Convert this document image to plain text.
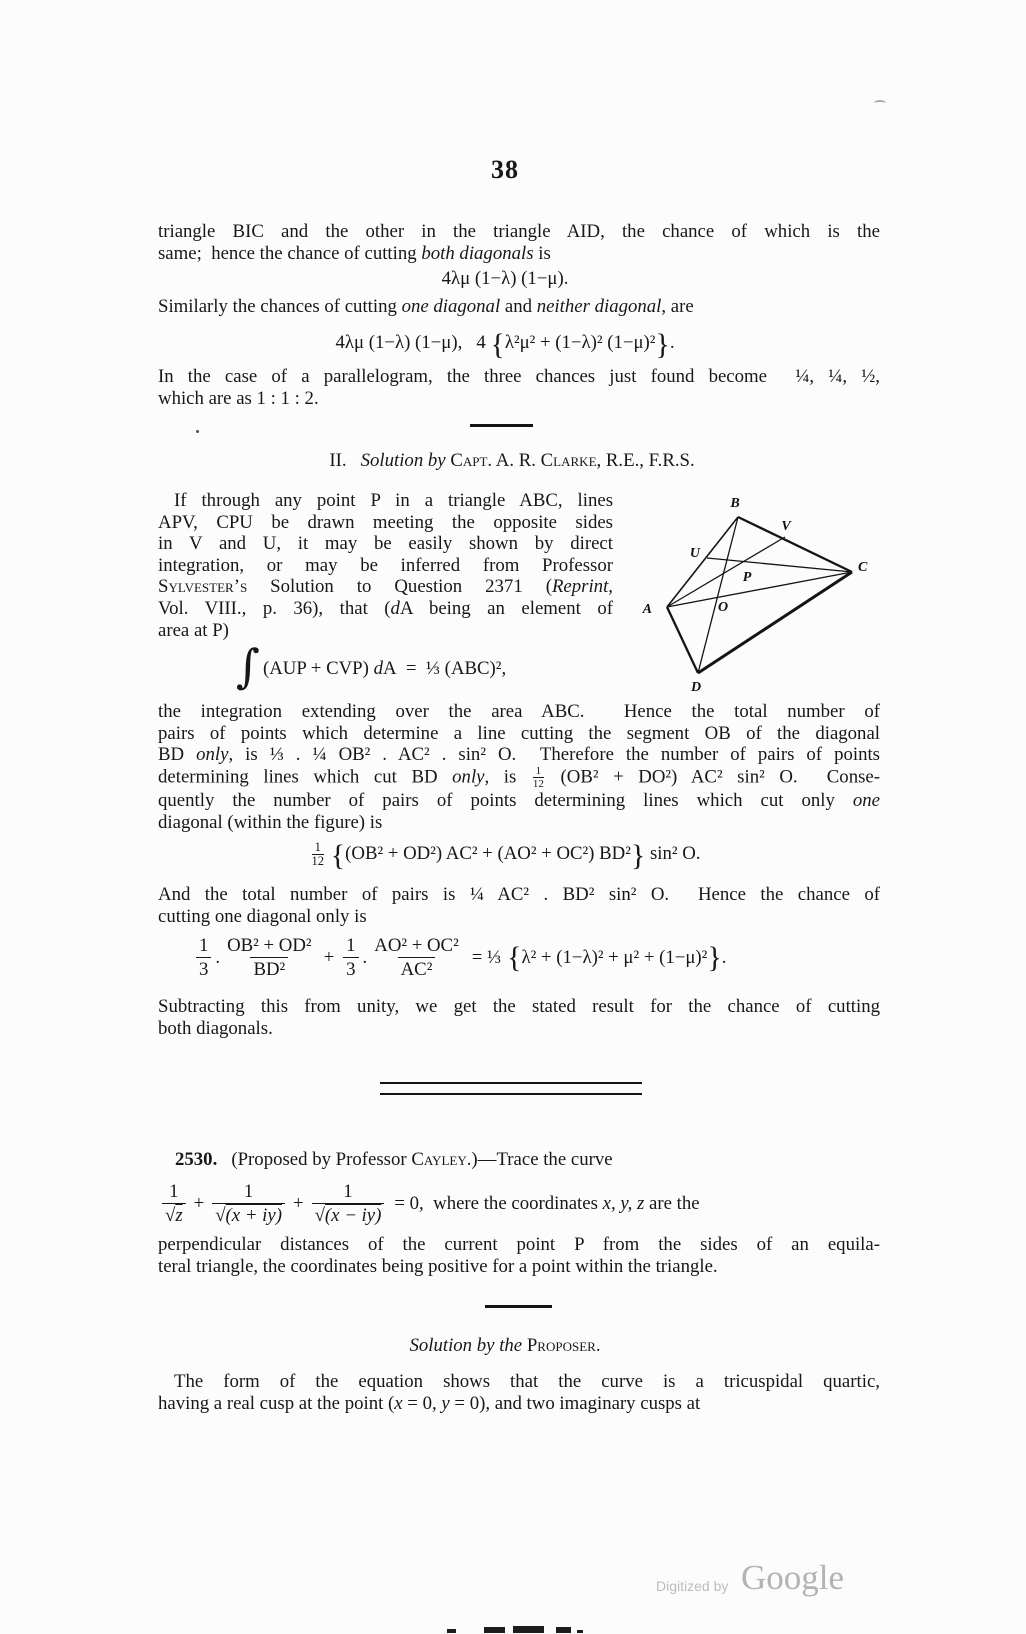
38
triangle BIC and the other in the triangle AID, the chance of which is the
same;  hence the chance of cutting both diagonals is
4λμ (1−λ) (1−μ).
Similarly the chances of cutting one diagonal and neither diagonal, are
4λμ (1−λ) (1−μ),   4 {λ²μ² + (1−λ)² (1−μ)²}.
In the case of a parallelogram, the three chances just found become  ¼, ¼, ½,
which are as 1 : 1 : 2.
II.   Solution by Capt. A. R. Clarke, R.E., F.R.S.
If through any point P in a triangle ABC, lines
APV, CPU be drawn meeting the opposite sides
in V and U, it may be easily shown by direct
integration, or may be inferred from Professor
Sylvester’s Solution to Question 2371 (Reprint,
Vol. VIII., p. 36), that (dA being an element of
area at P)
A
B
C
D
U
V
P
O
∫ (AUP + CVP) dA  =  ⅓ (ABC)²,
the integration extending over the area ABC.  Hence the total number of
pairs of points which determine a line cutting the segment OB of the diagonal
BD only, is ⅓ . ¼ OB² . AC² . sin² O.  Therefore the number of pairs of points
determining lines which cut BD only, is $\frac{1}{12} (OB^2 + DO^2)$ AC² sin² O.  Conse-
quently the number of pairs of points determining lines which cut only one
diagonal (within the figure) is
$\frac{1}{12} \{(OB^2 + OD^2) AC^2 + (AO^2 + OC^2)$ BD²} sin² O.
And the total number of pairs is ¼ AC² . BD² sin² O.  Hence the chance of
cutting one diagonal only is
$\frac{1}{3}$ . $\frac{\text{OB² + OD²}}{\text{BD²}} + \frac{1}{3}$ . $\frac{\text{AO² + OC²}}{\text{AC²}}$ = ⅓ { λ² + (1−λ)² + μ² + (1−μ)² } .
Subtracting this from unity, we get the stated result for the chance of cutting
both diagonals.
2530.   (Proposed by Professor Cayley.)—Trace the curve
$\frac{1}{√z} + \frac{1}{√(x + iy)} + \frac{1}{√(x - iy)} = 0$,  where the coordinates x, y, z are the
perpendicular distances of the current point P from the sides of an equila-
teral triangle, the coordinates being positive for a point within the triangle.
Solution by the Proposer.
The form of the equation shows that the curve is a tricuspidal quartic,
having a real cusp at the point (x = 0, y = 0), and two imaginary cusps at
Digitized by Google
